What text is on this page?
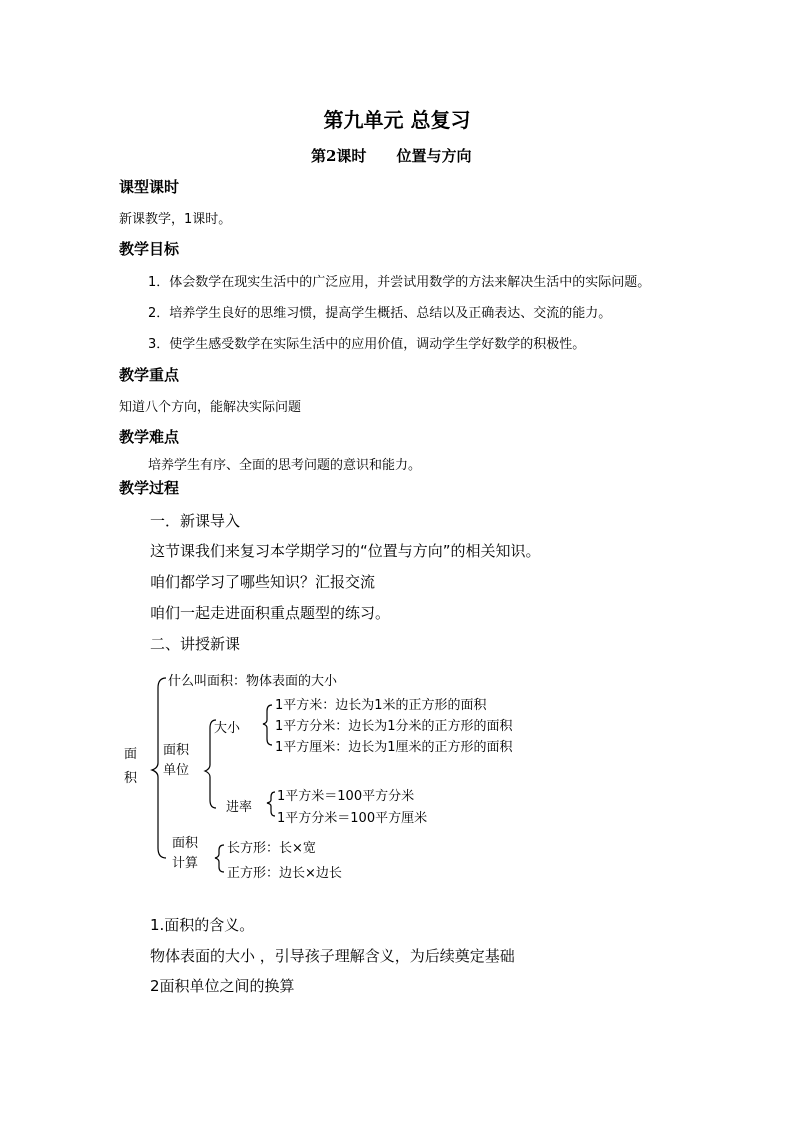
第九单元 总复习
第2课时 位置与方向
课型课时
新课教学，1课时。
教学目标
1．体会数学在现实生活中的广泛应用，并尝试用数学的方法来解决生活中的实际问题。
2．培养学生良好的思维习惯，提高学生概括、总结以及正确表达、交流的能力。
3．使学生感受数学在实际生活中的应用价值，调动学生学好数学的积极性。
教学重点
知道八个方向，能解决实际问题
教学难点
培养学生有序、全面的思考问题的意识和能力。
教学过程
一．新课导入
这节课我们来复习本学期学习的“位置与方向”的相关知识。
咱们都学习了哪些知识？汇报交流
咱们一起走进面积重点题型的练习。
二、讲授新课
面
积
什么叫面积：物体表面的大小
面积
单位
大小
1平方米：边长为1米的正方形的面积
1平方分米：边长为1分米的正方形的面积
1平方厘米：边长为1厘米的正方形的面积
进率
1平方米＝100平方分米
1平方分米＝100平方厘米
面积
计算
长方形：长×宽
正方形：边长×边长
1.面积的含义。
物体表面的大小 ，引导孩子理解含义，为后续奠定基础
2面积单位之间的换算
